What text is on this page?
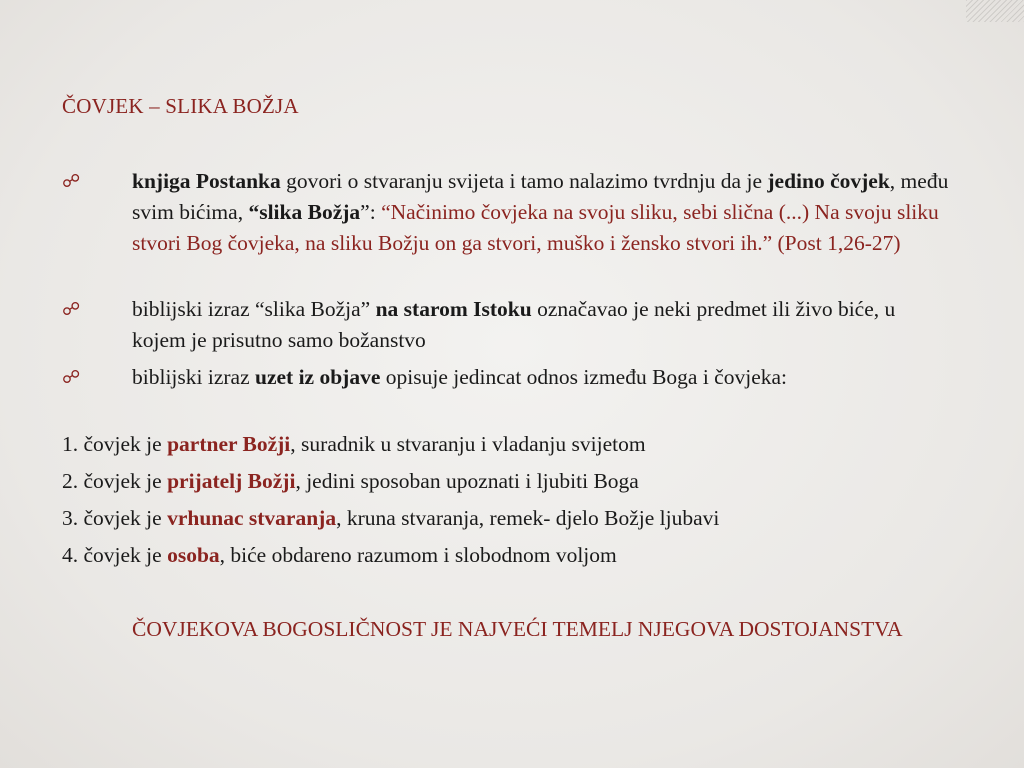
ČOVJEK – SLIKA BOŽJA
☍	knjiga Postanka govori o stvaranju svijeta i tamo nalazimo tvrdnju da je jedino čovjek, među svim bićima, “slika Božja”: “Načinimo čovjeka na svoju sliku, sebi slična (...) Na svoju sliku stvori Bog čovjeka, na sliku Božju on ga stvori, muško i žensko stvori ih.” (Post 1,26-27)
☍	biblijski izraz “slika Božja” na starom Istoku označavao je neki predmet ili živo biće, u kojem je prisutno samo božanstvo
☍	biblijski izraz uzet iz objave opisuje jedincat odnos između Boga i čovjeka:
1. čovjek je partner Božji, suradnik u stvaranju i vladanju svijetom
2. čovjek je prijatelj Božji, jedini sposoban upoznati i ljubiti Boga
3. čovjek je vrhunac stvaranja, kruna stvaranja, remek- djelo Božje ljubavi
4. čovjek je osoba, biće obdareno razumom i slobodnom voljom
ČOVJEKOVA BOGOSLIČNOST JE NAJVEĆI TEMELJ NJEGOVA DOSTOJANSTVA
